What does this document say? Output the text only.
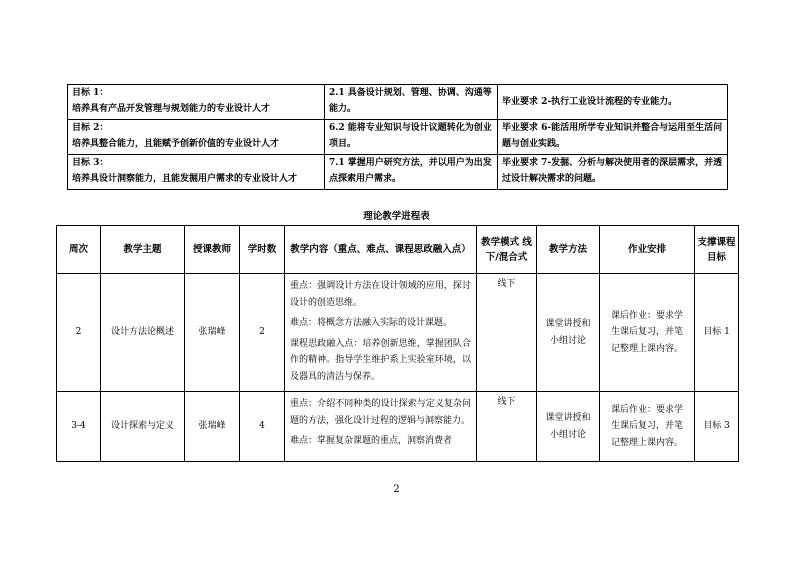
目标 1：
培养具有产品开发管理与规划能力的专业设计人才	2.1 具备设计规划、管理、协调、沟通等能力。	毕业要求 2-执行工业设计流程的专业能力。

目标 2：
培养具整合能力，且能赋予创新价值的专业设计人才	6.2 能将专业知识与设计议题转化为创业项目。	毕业要求 6-能活用所学专业知识并整合与运用至生活问题与创业实践。

目标 3：
培养具设计洞察能力，且能发掘用户需求的专业设计人才	7.1 掌握用户研究方法，并以用户为出发点探索用户需求。	毕业要求 7-发掘、分析与解决使用者的深层需求，并透过设计解决需求的问题。
理论教学进程表
周次	教学主题	授课教师	学时数	教学内容（重点、难点、课程思政融入点）	教学模式 线下/混合式	教学方法	作业安排	支撑课程目标
2	设计方法论概述	张瑞峰	2	重点：强调设计方法在设计领域的应用，探讨设计的创造思维。

难点：将概念方法融入实际的设计课题。

课程思政融入点：培养创新思维，掌握团队合作的精神。指导学生维护系上实验室环境，以及器具的清洁与保养。	线下	课堂讲授和小组讨论	课后作业：要求学生课后复习，并笔记整理上课内容。	目标 1
3-4	设计探索与定义	张瑞峰	4	重点：介绍不同种类的设计探索与定义复杂问题的方法，强化设计过程的逻辑与洞察能力。

难点：掌握复杂课题的重点，洞察消费者	线下	课堂讲授和小组讨论	课后作业：要求学生课后复习，并笔记整理上课内容。	目标 3
2
